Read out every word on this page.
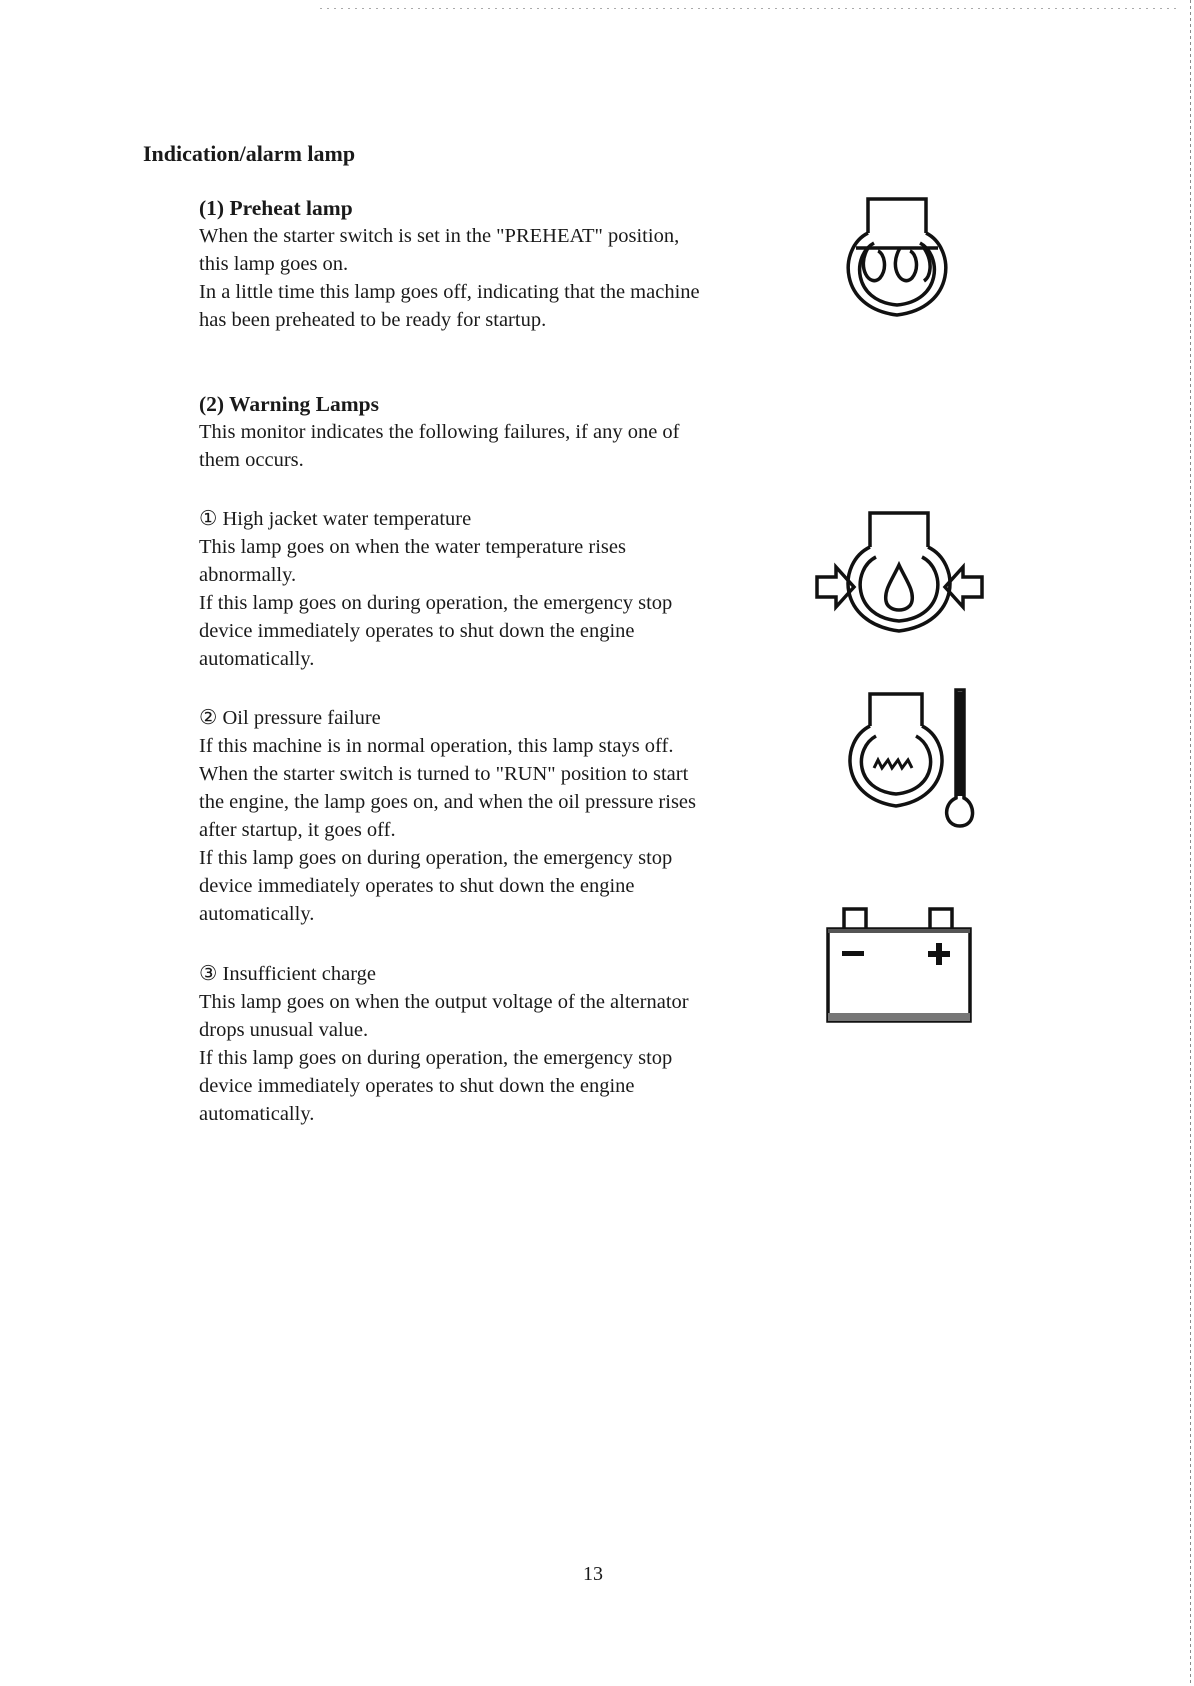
Indication/alarm lamp
(1) Preheat lamp
When the starter switch is set in the "PREHEAT" position,
this lamp goes on.
In a little time this lamp goes off, indicating that the machine
has been preheated to be ready for startup.
(2) Warning Lamps
This monitor indicates the following failures, if any one of
them occurs.
① High jacket water temperature
This lamp goes on when the water temperature rises
abnormally.
If this lamp goes on during operation, the emergency stop
device immediately operates to shut down the engine
automatically.
② Oil pressure failure
If this machine is in normal operation, this lamp stays off.
When the starter switch is turned to "RUN" position to start
the engine, the lamp goes on, and when the oil pressure rises
after startup, it goes off.
If this lamp goes on during operation, the emergency stop
device immediately operates to shut down the engine
automatically.
③ Insufficient charge
This lamp goes on when the output voltage of the alternator
drops unusual value.
If this lamp goes on during operation, the emergency stop
device immediately operates to shut down the engine
automatically.
13
